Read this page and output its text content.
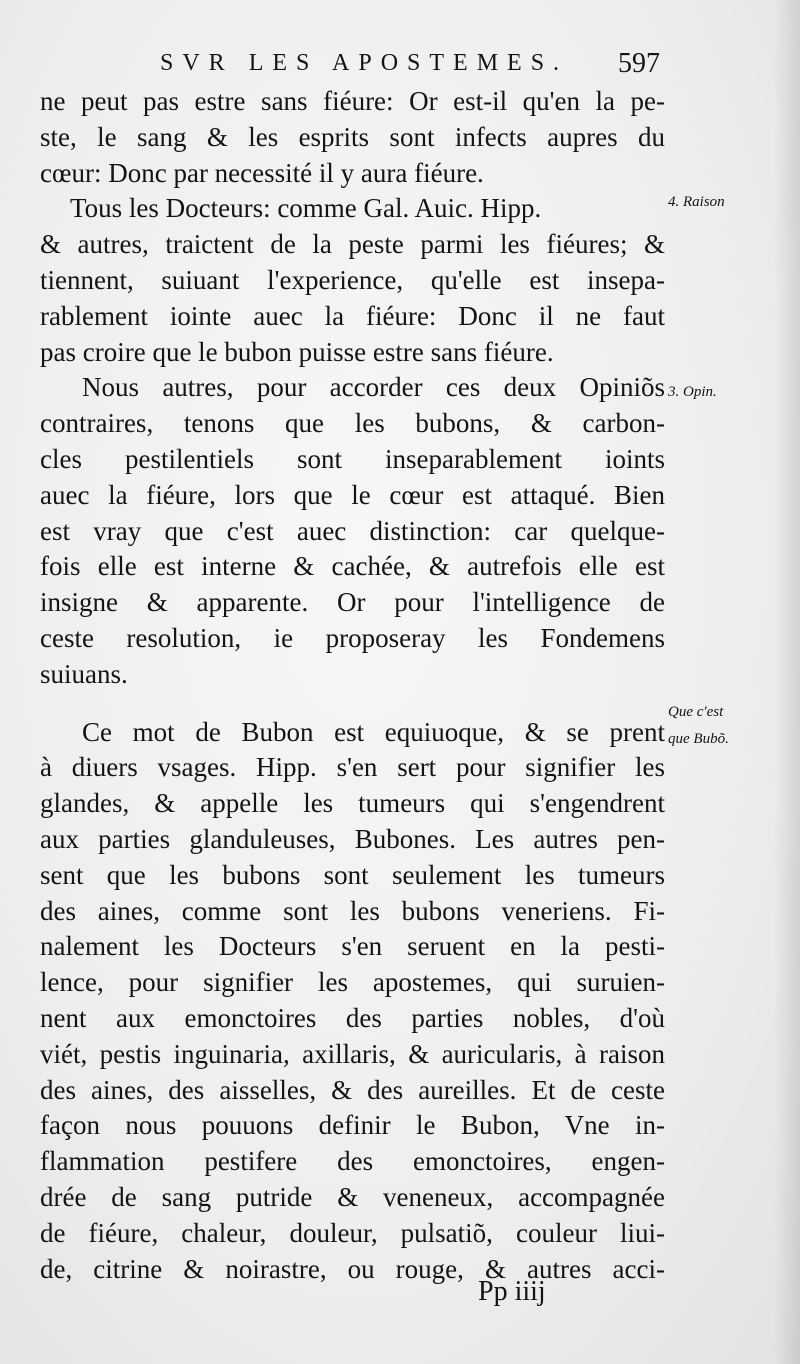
SVR LES APOSTEMES. 597
ne peut pas estre sans fiéure: Or est-il qu'en la pe-
ste, le sang & les esprits sont infects aupres du
cœur: Donc par necessité il y aura fiéure.
Tous les Docteurs: comme Gal. Auic. Hipp.
& autres, traictent de la peste parmi les fiéures; &
tiennent, suiuant l'experience, qu'elle est insepa-
rablement iointe auec la fiéure: Donc il ne faut
pas croire que le bubon puisse estre sans fiéure.
Nous autres, pour accorder ces deux Opiniõs
contraires, tenons que les bubons, & carbon-
cles pestilentiels sont inseparablement ioints
auec la fiéure, lors que le cœur est attaqué. Bien
est vray que c'est auec distinction: car quelque-
fois elle est interne & cachée, & autrefois elle est
insigne & apparente. Or pour l'intelligence de
ceste resolution, ie proposeray les Fondemens
suiuans.
Ce mot de Bubon est equiuoque, & se prent
à diuers vsages. Hipp. s'en sert pour signifier les
glandes, & appelle les tumeurs qui s'engendrent
aux parties glanduleuses, Bubones. Les autres pen-
sent que les bubons sont seulement les tumeurs
des aines, comme sont les bubons veneriens. Fi-
nalement les Docteurs s'en seruent en la pesti-
lence, pour signifier les apostemes, qui suruien-
nent aux emonctoires des parties nobles, d'où
viét, pestis inguinaria, axillaris, & auricularis, à raison
des aines, des aisselles, & des aureilles. Et de ceste
façon nous pouuons definir le Bubon, Vne in-
flammation pestifere des emonctoires, engen-
drée de sang putride & veneneux, accompagnée
de fiéure, chaleur, douleur, pulsatiõ, couleur liui-
de, citrine & noirastre, ou rouge, & autres acci-
4. Raison
3. Opin.
Que c'est
que Bubõ.
Pp iiij
